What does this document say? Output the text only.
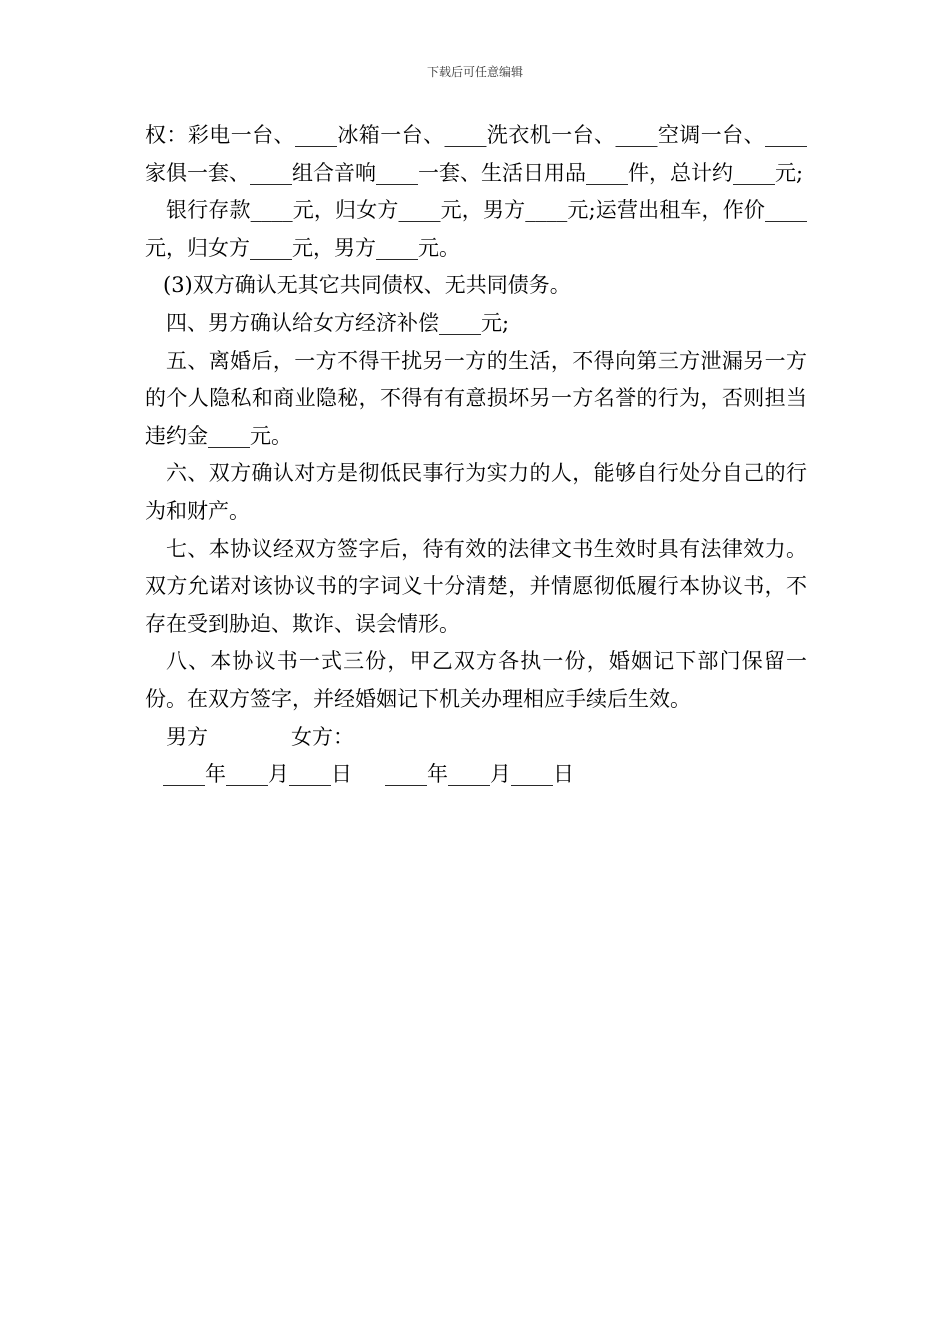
下载后可任意编辑

权：彩电一台、____冰箱一台、____洗衣机一台、____空调一台、____家俱一套、____组合音响____一套、生活日用品____件，总计约____元;

银行存款____元，归女方____元，男方____元;运营出租车，作价____元，归女方____元，男方____元。

(3)双方确认无其它共同债权、无共同债务。

四、男方确认给女方经济补偿____元;

五、离婚后，一方不得干扰另一方的生活，不得向第三方泄漏另一方的个人隐私和商业隐秘，不得有有意损坏另一方名誉的行为，否则担当违约金____元。

六、双方确认对方是彻低民事行为实力的人，能够自行处分自己的行为和财产。

七、本协议经双方签字后，待有效的法律文书生效时具有法律效力。双方允诺对该协议书的字词义十分清楚，并情愿彻低履行本协议书，不存在受到胁迫、欺诈、误会情形。

八、本协议书一式三份，甲乙双方各执一份，婚姻记下部门保留一份。在双方签字，并经婚姻记下机关办理相应手续后生效。

男方

	女方：

____年____月____日

____年____月____日
